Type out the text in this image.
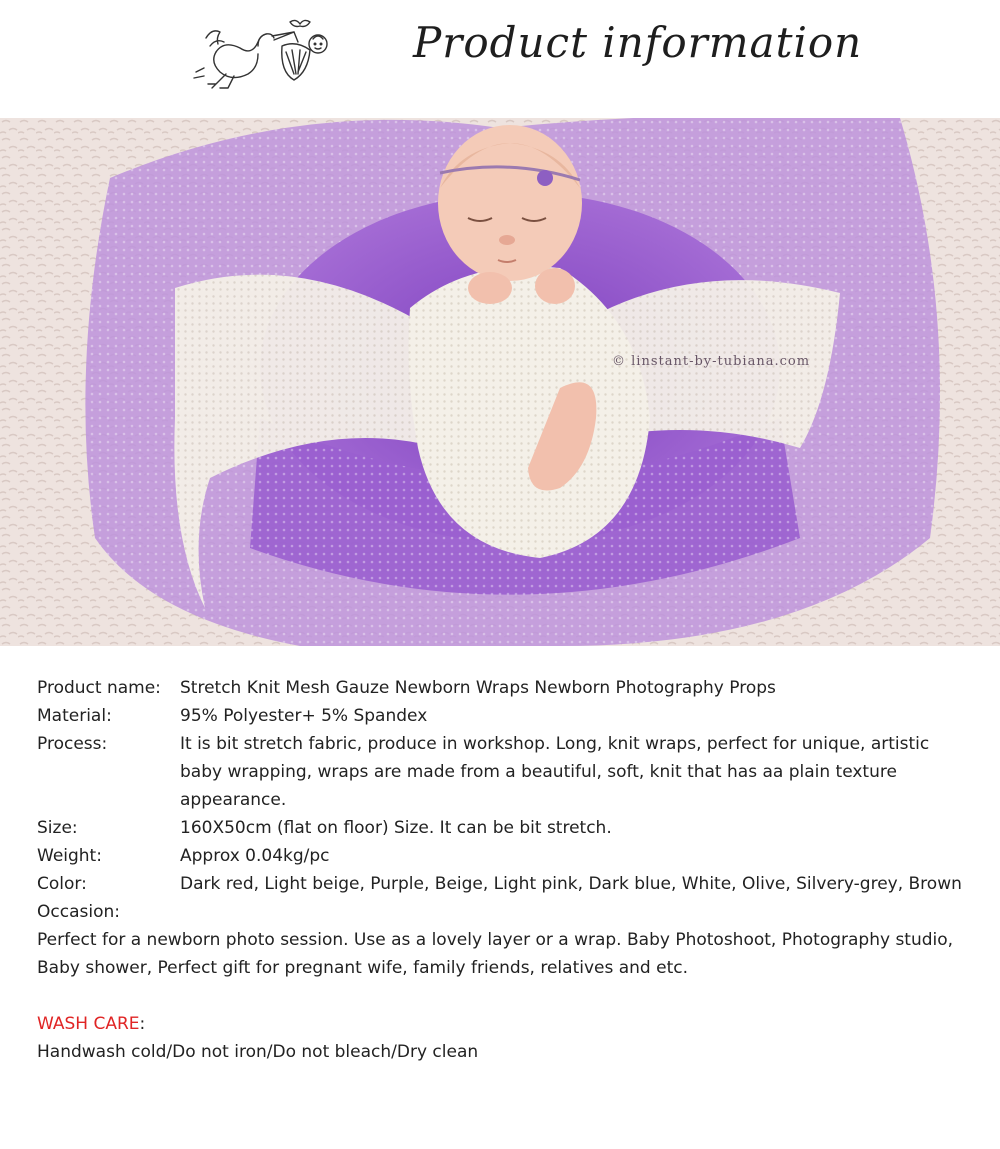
Product information
© linstant-by-tubiana.com
Product name:	Stretch Knit Mesh Gauze Newborn Wraps Newborn Photography Props
Material:	95% Polyester+ 5% Spandex
Process:	It is bit stretch fabric, produce in workshop. Long, knit wraps, perfect for unique, artistic baby wrapping, wraps are made from a beautiful, soft, knit that has aa plain texture appearance.
Size:	160X50cm (flat on floor) Size. It can be bit stretch.
Weight:	Approx 0.04kg/pc
Color:	Dark red, Light beige, Purple, Beige, Light pink, Dark blue, White, Olive, Silvery-grey, Brown
Occasion:
Perfect for a newborn photo session. Use as a lovely layer or a wrap. Baby Photoshoot, Photography studio, Baby shower, Perfect gift for pregnant wife, family friends, relatives and etc.
WASH CARE:
Handwash cold/Do not iron/Do not bleach/Dry clean
